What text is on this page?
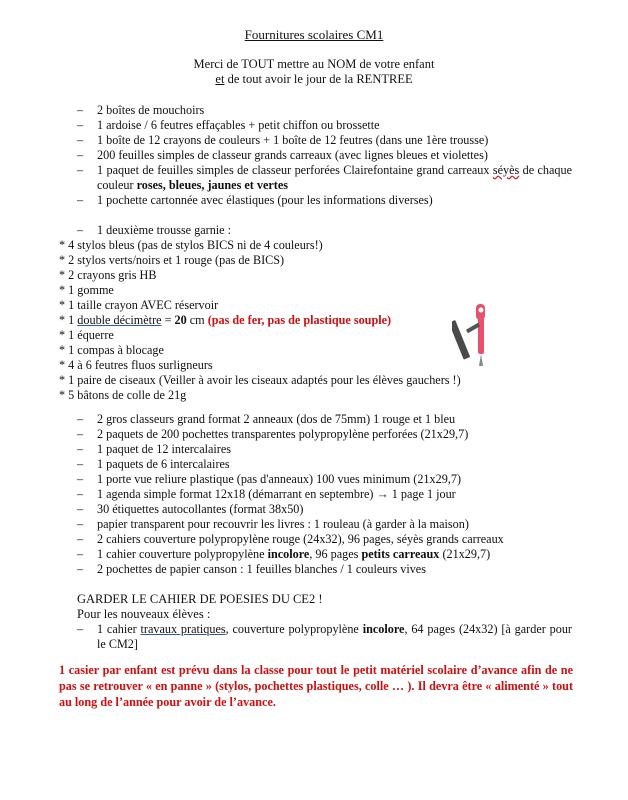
Fournitures scolaires CM1
Merci de TOUT mettre au NOM de votre enfant
et de tout avoir le jour de la RENTREE
– 2 boîtes de mouchoirs
– 1 ardoise / 6 feutres effaçables + petit chiffon ou brossette
– 1 boîte de 12 crayons de couleurs + 1 boîte de 12 feutres (dans une 1ère trousse)
– 200 feuilles simples de classeur grands carreaux (avec lignes bleues et violettes)
– 1 paquet de feuilles simples de classeur perforées Clairefontaine grand carreaux séyès de chaque couleur roses, bleues, jaunes et vertes
– 1 pochette cartonnée avec élastiques (pour les informations diverses)
– 1 deuxième trousse garnie :
* 4 stylos bleus (pas de stylos BICS ni de 4 couleurs!)
* 2 stylos verts/noirs et 1 rouge (pas de BICS)
* 2 crayons gris HB
* 1 gomme
* 1 taille crayon AVEC réservoir
* 1 double décimètre = 20 cm (pas de fer, pas de plastique souple)
* 1 équerre
* 1 compas à blocage
* 4 à 6 feutres fluos surligneurs
* 1 paire de ciseaux (Veiller à avoir les ciseaux adaptés pour les élèves gauchers !)
* 5 bâtons de colle de 21g
– 2 gros classeurs grand format 2 anneaux (dos de 75mm) 1 rouge et 1 bleu
– 2 paquets de 200 pochettes transparentes polypropylène perforées (21x29,7)
– 1 paquet de 12 intercalaires
– 1 paquets de 6 intercalaires
– 1 porte vue reliure plastique (pas d'anneaux) 100 vues minimum (21x29,7)
– 1 agenda simple format 12x18 (démarrant en septembre) → 1 page 1 jour
– 30 étiquettes autocollantes (format 38x50)
– papier transparent pour recouvrir les livres : 1 rouleau (à garder à la maison)
– 2 cahiers couverture polypropylène rouge (24x32), 96 pages, séyès grands carreaux
– 1 cahier couverture polypropylène incolore, 96 pages petits carreaux (21x29,7)
– 2 pochettes de papier canson : 1 feuilles blanches / 1 couleurs vives
GARDER LE CAHIER DE POESIES DU CE2 !
Pour les nouveaux élèves :
– 1 cahier travaux pratiques, couverture polypropylène incolore, 64 pages (24x32) [à garder pour le CM2]
1 casier par enfant est prévu dans la classe pour tout le petit matériel scolaire d’avance afin de ne pas se retrouver « en panne » (stylos, pochettes plastiques, colle … ). Il devra être « alimenté » tout au long de l’année pour avoir de l’avance.
